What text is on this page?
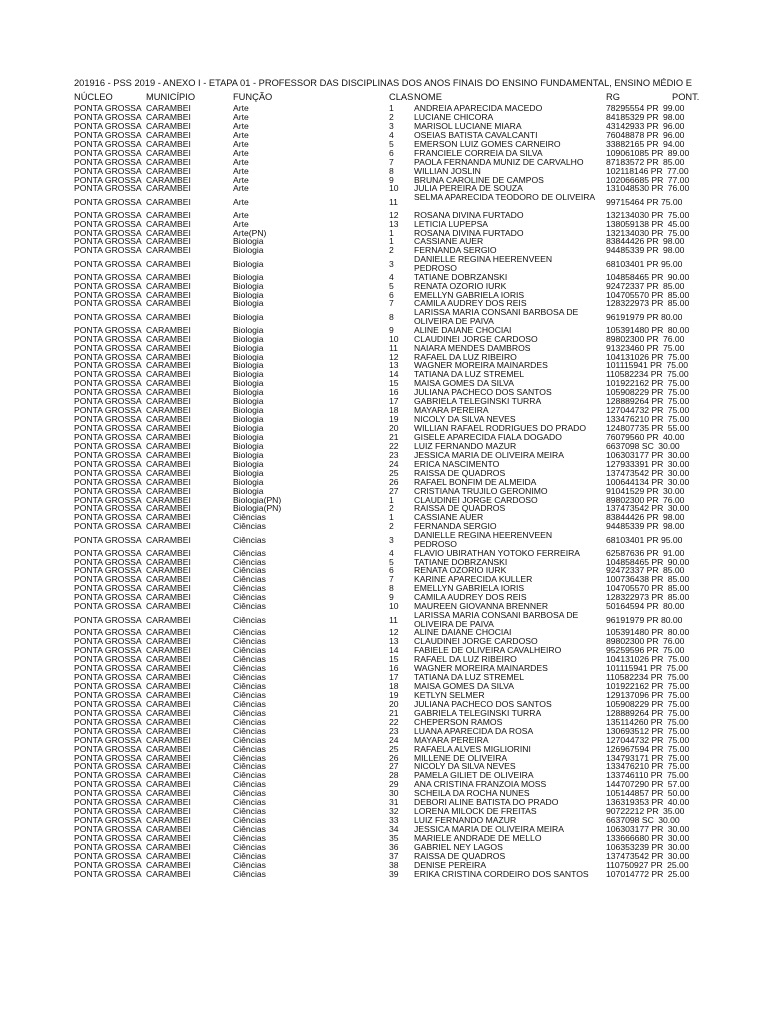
201916 - PSS 2019 - ANEXO I - ETAPA 01 - PROFESSOR DAS DISCIPLINAS DOS ANOS FINAIS DO ENSINO FUNDAMENTAL, ENSINO MÉDIO E
NÚCLEO	MUNICÍPIO	FUNÇÃO	CLAS NOME	RG	PONT.
PONTA GROSSA CARAMBEI	Arte	1	ANDREIA APARECIDA MACEDO	78295554 PR 99.00
PONTA GROSSA CARAMBEI	Arte	2	LUCIANE CHICORA	84185329 PR 98.00
PONTA GROSSA CARAMBEI	Arte	3	MARISOL LUCIANE MIARA	43142933 PR 96.00
PONTA GROSSA CARAMBEI	Arte	4	OSEIAS BATISTA CAVALCANTI	76048878 PR 96.00
PONTA GROSSA CARAMBEI	Arte	5	EMERSON LUIZ GOMES CARNEIRO	33882165 PR 94.00
PONTA GROSSA CARAMBEI	Arte	6	FRANCIELE CORREIA DA SILVA	109061085 PR 89.00
PONTA GROSSA CARAMBEI	Arte	7	PAOLA FERNANDA MUNIZ DE CARVALHO	87183572 PR 85.00
PONTA GROSSA CARAMBEI	Arte	8	WILLIAN JOSLIN	102118146 PR 77.00
PONTA GROSSA CARAMBEI	Arte	9	BRUNA CAROLINE DE CAMPOS	102066685 PR 77.00
PONTA GROSSA CARAMBEI	Arte	10	JULIA PEREIRA DE SOUZA	131048530 PR 76.00
PONTA GROSSA CARAMBEI	Arte	11	SELMA APARECIDA TEODORO DE OLIVEIRA 99715464 PR 75.00
PONTA GROSSA CARAMBEI	Arte	12	ROSANA DIVINA FURTADO	132134030 PR 75.00
PONTA GROSSA CARAMBEI	Arte	13	LETICIA LUPEPSA	138059138 PR 45.00
PONTA GROSSA CARAMBEI	Arte(PN)	1	ROSANA DIVINA FURTADO	132134030 PR 75.00
PONTA GROSSA CARAMBEI	Biologia	1	CASSIANE AUER	83844426 PR 98.00
PONTA GROSSA CARAMBEI	Biologia	2	FERNANDA SERGIO	94485339 PR 98.00
PONTA GROSSA CARAMBEI	Biologia	3	DANIELLE REGINA HEERENVEEN PEDROSO	68103401 PR 95.00
PONTA GROSSA CARAMBEI	Biologia	4	TATIANE DOBRZANSKI	104858465 PR 90.00
PONTA GROSSA CARAMBEI	Biologia	5	RENATA OZORIO IURK	92472337 PR 85.00
PONTA GROSSA CARAMBEI	Biologia	6	EMELLYN GABRIELA IORIS	104705570 PR 85.00
PONTA GROSSA CARAMBEI	Biologia	7	CAMILA AUDREY DOS REIS	128322973 PR 85.00
PONTA GROSSA CARAMBEI	Biologia	8	LARISSA MARIA CONSANI BARBOSA DE OLIVEIRA DE PAIVA	96191979 PR 80.00
PONTA GROSSA CARAMBEI	Biologia	9	ALINE DAIANE CHOCIAI	105391480 PR 80.00
PONTA GROSSA CARAMBEI	Biologia	10	CLAUDINEI JORGE CARDOSO	89802300 PR 76.00
PONTA GROSSA CARAMBEI	Biologia	11	NAIARA MENDES DAMBROS	91323460 PR 75.00
PONTA GROSSA CARAMBEI	Biologia	12	RAFAEL DA LUZ RIBEIRO	104131026 PR 75.00
PONTA GROSSA CARAMBEI	Biologia	13	WAGNER MOREIRA MAINARDES	101115941 PR 75.00
PONTA GROSSA CARAMBEI	Biologia	14	TATIANA DA LUZ STREMEL	110582234 PR 75.00
PONTA GROSSA CARAMBEI	Biologia	15	MAISA GOMES DA SILVA	101922162 PR 75.00
PONTA GROSSA CARAMBEI	Biologia	16	JULIANA PACHECO DOS SANTOS	105908229 PR 75.00
PONTA GROSSA CARAMBEI	Biologia	17	GABRIELA TELEGINSKI TURRA	128889264 PR 75.00
PONTA GROSSA CARAMBEI	Biologia	18	MAYARA PEREIRA	127044732 PR 75.00
PONTA GROSSA CARAMBEI	Biologia	19	NICOLY DA SILVA NEVES	133476210 PR 75.00
PONTA GROSSA CARAMBEI	Biologia	20	WILLIAN RAFAEL RODRIGUES DO PRADO	124807735 PR 55.00
PONTA GROSSA CARAMBEI	Biologia	21	GISELE APARECIDA FIALA DOGADO	76079560 PR 40.00
PONTA GROSSA CARAMBEI	Biologia	22	LUIZ FERNANDO MAZUR	6637098 SC 30.00
PONTA GROSSA CARAMBEI	Biologia	23	JESSICA MARIA DE OLIVEIRA MEIRA	106303177 PR 30.00
PONTA GROSSA CARAMBEI	Biologia	24	ERICA NASCIMENTO	127933391 PR 30.00
PONTA GROSSA CARAMBEI	Biologia	25	RAISSA DE QUADROS	137473542 PR 30.00
PONTA GROSSA CARAMBEI	Biologia	26	RAFAEL BONFIM DE ALMEIDA	100644134 PR 30.00
PONTA GROSSA CARAMBEI	Biologia	27	CRISTIANA TRUJILO GERONIMO	91041529 PR 30.00
PONTA GROSSA CARAMBEI	Biologia(PN)	1	CLAUDINEI JORGE CARDOSO	89802300 PR 76.00
PONTA GROSSA CARAMBEI	Biologia(PN)	2	RAISSA DE QUADROS	137473542 PR 30.00
PONTA GROSSA CARAMBEI	Ciências	1	CASSIANE AUER	83844426 PR 98.00
PONTA GROSSA CARAMBEI	Ciências	2	FERNANDA SERGIO	94485339 PR 98.00
PONTA GROSSA CARAMBEI	Ciências	3	DANIELLE REGINA HEERENVEEN PEDROSO	68103401 PR 95.00
PONTA GROSSA CARAMBEI	Ciências	4	FLAVIO UBIRATHAN YOTOKO FERREIRA	62587636 PR 91.00
PONTA GROSSA CARAMBEI	Ciências	5	TATIANE DOBRZANSKI	104858465 PR 90.00
PONTA GROSSA CARAMBEI	Ciências	6	RENATA OZORIO IURK	92472337 PR 85.00
PONTA GROSSA CARAMBEI	Ciências	7	KARINE APARECIDA KULLER	100736438 PR 85.00
PONTA GROSSA CARAMBEI	Ciências	8	EMELLYN GABRIELA IORIS	104705570 PR 85.00
PONTA GROSSA CARAMBEI	Ciências	9	CAMILA AUDREY DOS REIS	128322973 PR 85.00
PONTA GROSSA CARAMBEI	Ciências	10	MAUREEN GIOVANNA BRENNER	50164594 PR 80.00
PONTA GROSSA CARAMBEI	Ciências	11	LARISSA MARIA CONSANI BARBOSA DE OLIVEIRA DE PAIVA	96191979 PR 80.00
PONTA GROSSA CARAMBEI	Ciências	12	ALINE DAIANE CHOCIAI	105391480 PR 80.00
PONTA GROSSA CARAMBEI	Ciências	13	CLAUDINEI JORGE CARDOSO	89802300 PR 76.00
PONTA GROSSA CARAMBEI	Ciências	14	FABIELE DE OLIVEIRA CAVALHEIRO	95259596 PR 75.00
PONTA GROSSA CARAMBEI	Ciências	15	RAFAEL DA LUZ RIBEIRO	104131026 PR 75.00
PONTA GROSSA CARAMBEI	Ciências	16	WAGNER MOREIRA MAINARDES	101115941 PR 75.00
PONTA GROSSA CARAMBEI	Ciências	17	TATIANA DA LUZ STREMEL	110582234 PR 75.00
PONTA GROSSA CARAMBEI	Ciências	18	MAISA GOMES DA SILVA	101922162 PR 75.00
PONTA GROSSA CARAMBEI	Ciências	19	KETLYN SELMER	129137096 PR 75.00
PONTA GROSSA CARAMBEI	Ciências	20	JULIANA PACHECO DOS SANTOS	105908229 PR 75.00
PONTA GROSSA CARAMBEI	Ciências	21	GABRIELA TELEGINSKI TURRA	128889264 PR 75.00
PONTA GROSSA CARAMBEI	Ciências	22	CHEPERSON RAMOS	135114260 PR 75.00
PONTA GROSSA CARAMBEI	Ciências	23	LUANA APARECIDA DA ROSA	130693512 PR 75.00
PONTA GROSSA CARAMBEI	Ciências	24	MAYARA PEREIRA	127044732 PR 75.00
PONTA GROSSA CARAMBEI	Ciências	25	RAFAELA ALVES MIGLIORINI	126967594 PR 75.00
PONTA GROSSA CARAMBEI	Ciências	26	MILLENE DE OLIVEIRA	134793171 PR 75.00
PONTA GROSSA CARAMBEI	Ciências	27	NICOLY DA SILVA NEVES	133476210 PR 75.00
PONTA GROSSA CARAMBEI	Ciências	28	PAMELA GILIET DE OLIVEIRA	133746110 PR 75.00
PONTA GROSSA CARAMBEI	Ciências	29	ANA CRISTINA FRANZOIA MOSS	144707290 PR 57.00
PONTA GROSSA CARAMBEI	Ciências	30	SCHEILA DA ROCHA NUNES	105144857 PR 50.00
PONTA GROSSA CARAMBEI	Ciências	31	DEBORI ALINE BATISTA DO PRADO	136319353 PR 40.00
PONTA GROSSA CARAMBEI	Ciências	32	LORENA MILOCK DE FREITAS	90722212 PR 35.00
PONTA GROSSA CARAMBEI	Ciências	33	LUIZ FERNANDO MAZUR	6637098 SC 30.00
PONTA GROSSA CARAMBEI	Ciências	34	JESSICA MARIA DE OLIVEIRA MEIRA	106303177 PR 30.00
PONTA GROSSA CARAMBEI	Ciências	35	MARIELE ANDRADE DE MELLO	133666680 PR 30.00
PONTA GROSSA CARAMBEI	Ciências	36	GABRIEL NEY LAGOS	106353239 PR 30.00
PONTA GROSSA CARAMBEI	Ciências	37	RAISSA DE QUADROS	137473542 PR 30.00
PONTA GROSSA CARAMBEI	Ciências	38	DENISE PEREIRA	110750927 PR 25.00
PONTA GROSSA CARAMBEI	Ciências	39	ERIKA CRISTINA CORDEIRO DOS SANTOS 107014772 PR 25.00
